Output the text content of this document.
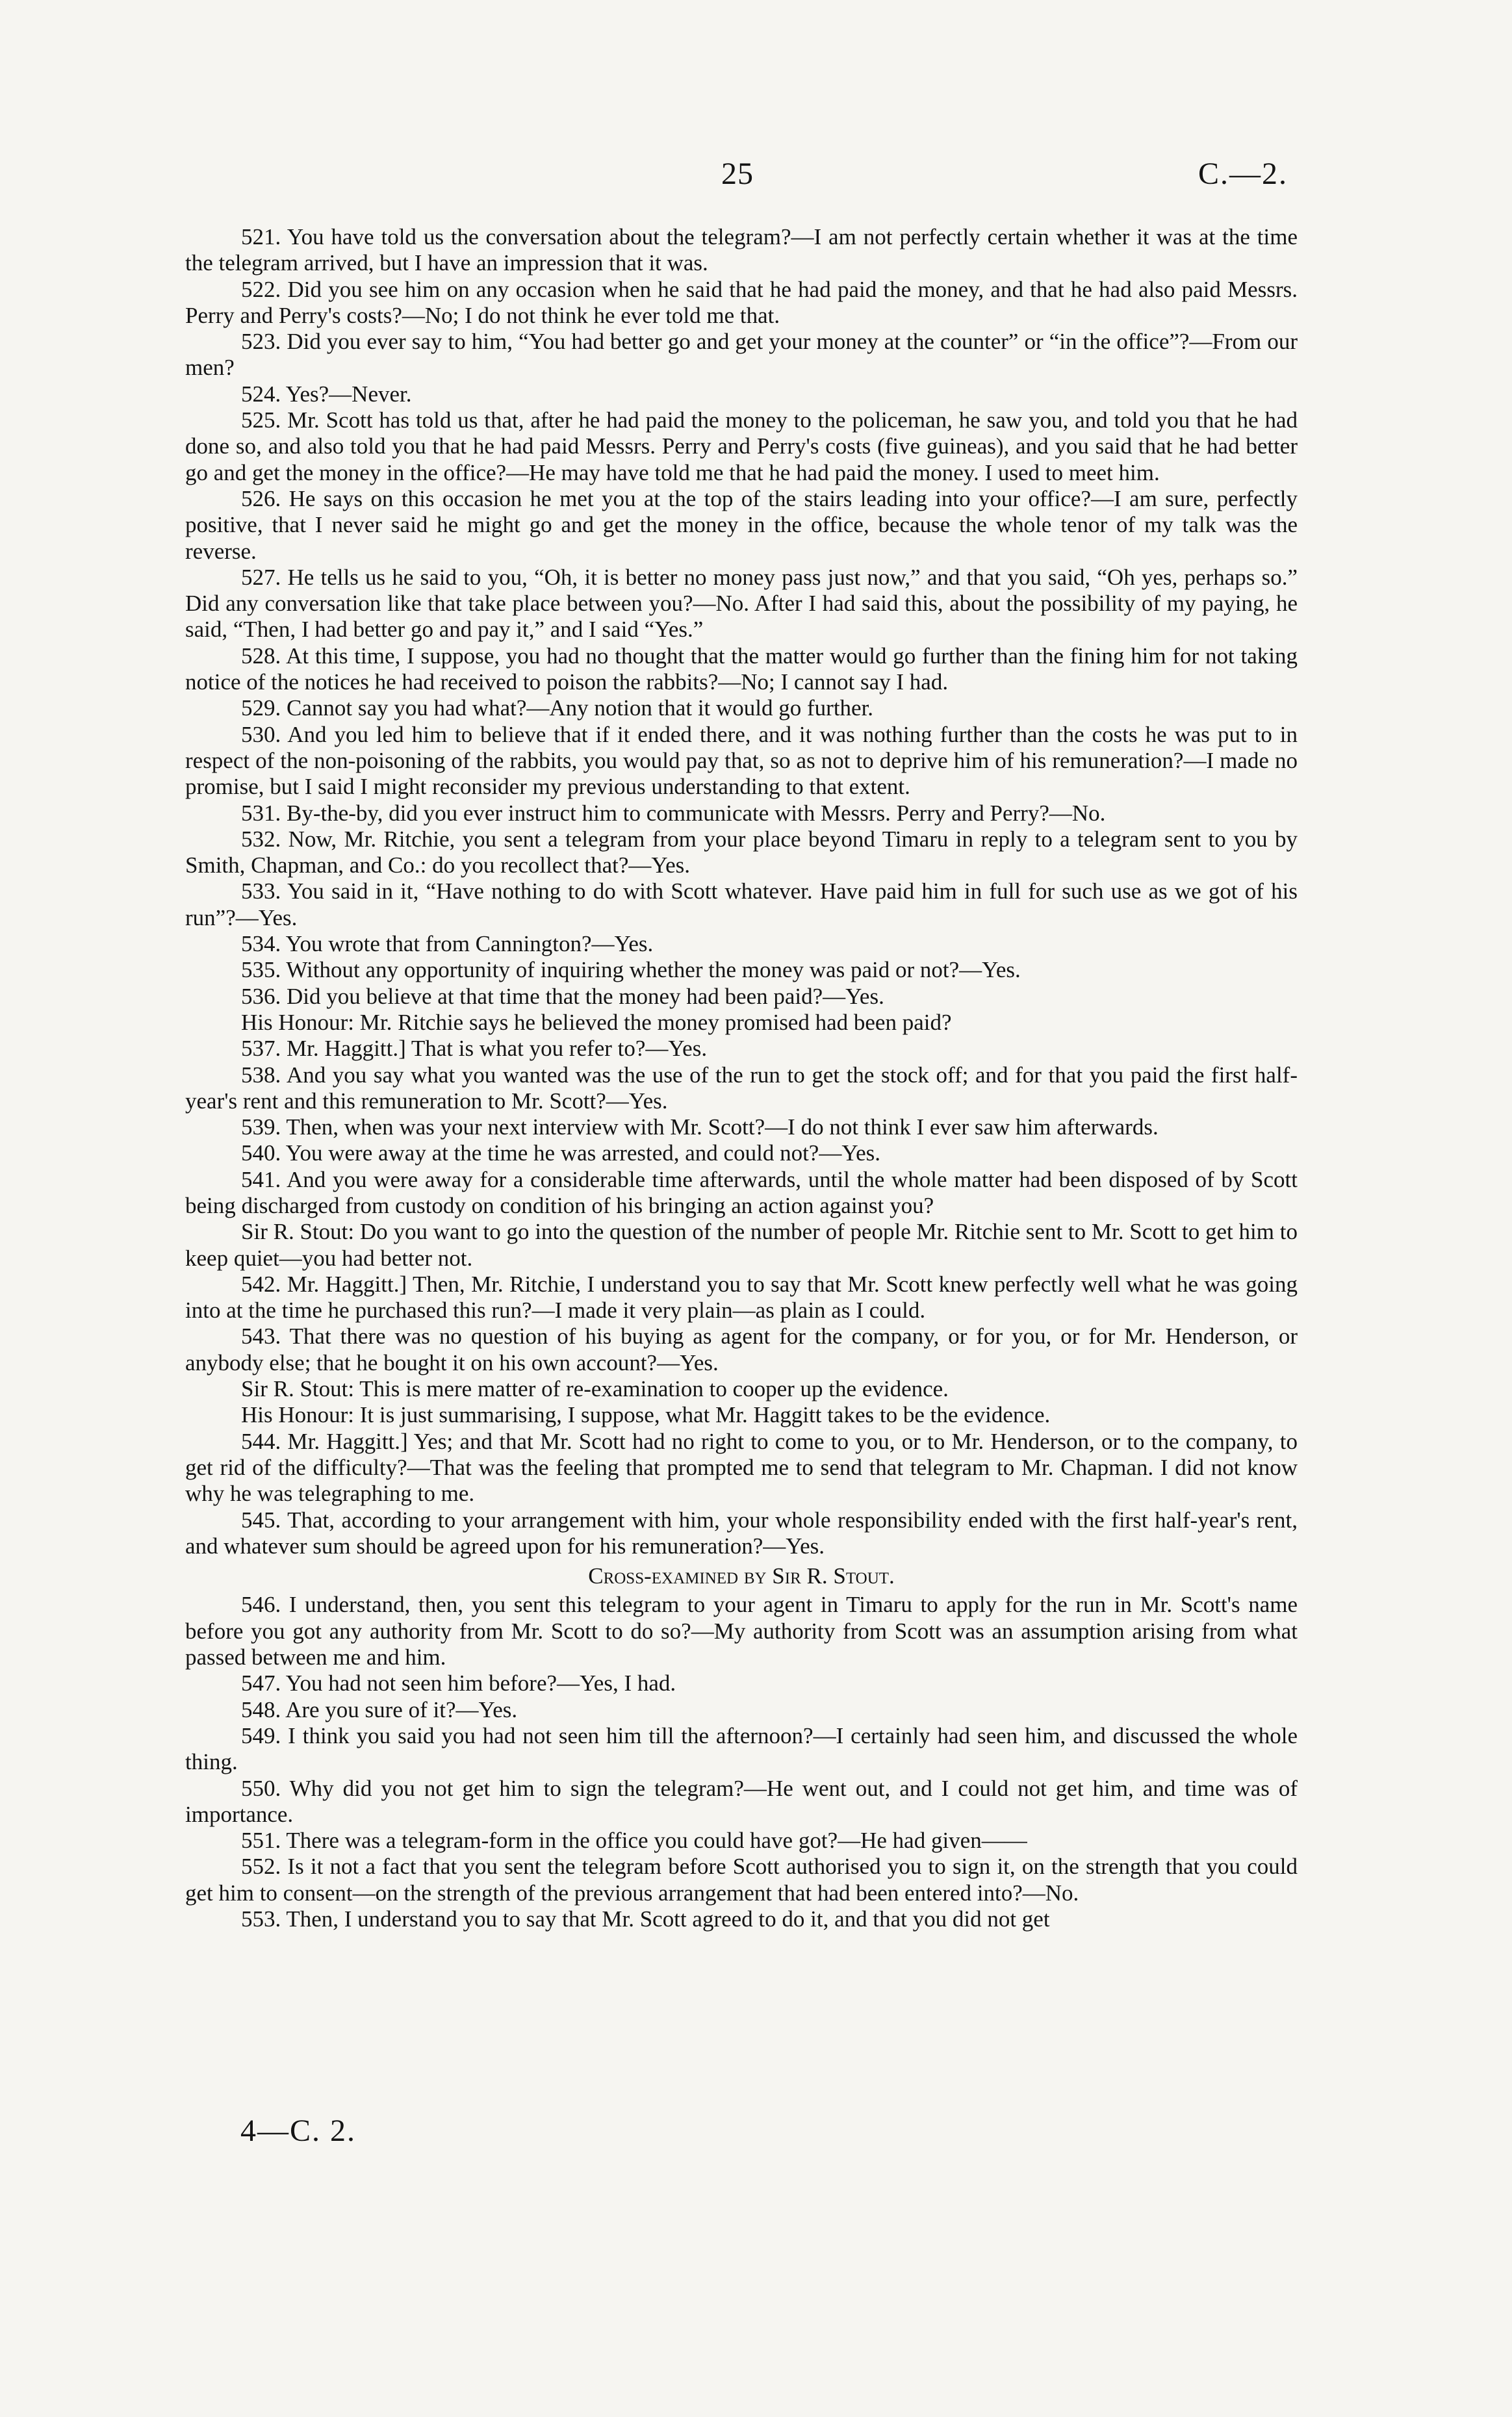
25	C.—2.

521. You have told us the conversation about the telegram?—I am not perfectly certain whether it was at the time the telegram arrived, but I have an impression that it was.

522. Did you see him on any occasion when he said that he had paid the money, and that he had also paid Messrs. Perry and Perry's costs?—No; I do not think he ever told me that.

523. Did you ever say to him, “You had better go and get your money at the counter” or “in the office”?—From our men?

524. Yes?—Never.

525. Mr. Scott has told us that, after he had paid the money to the policeman, he saw you, and told you that he had done so, and also told you that he had paid Messrs. Perry and Perry's costs (five guineas), and you said that he had better go and get the money in the office?—He may have told me that he had paid the money. I used to meet him.

526. He says on this occasion he met you at the top of the stairs leading into your office?—I am sure, perfectly positive, that I never said he might go and get the money in the office, because the whole tenor of my talk was the reverse.

527. He tells us he said to you, “Oh, it is better no money pass just now,” and that you said, “Oh yes, perhaps so.” Did any conversation like that take place between you?—No. After I had said this, about the possibility of my paying, he said, “Then, I had better go and pay it,” and I said “Yes.”

528. At this time, I suppose, you had no thought that the matter would go further than the fining him for not taking notice of the notices he had received to poison the rabbits?—No; I cannot say I had.

529. Cannot say you had what?—Any notion that it would go further.

530. And you led him to believe that if it ended there, and it was nothing further than the costs he was put to in respect of the non-poisoning of the rabbits, you would pay that, so as not to deprive him of his remuneration?—I made no promise, but I said I might reconsider my previous understanding to that extent.

531. By-the-by, did you ever instruct him to communicate with Messrs. Perry and Perry?—No.

532. Now, Mr. Ritchie, you sent a telegram from your place beyond Timaru in reply to a telegram sent to you by Smith, Chapman, and Co.: do you recollect that?—Yes.

533. You said in it, “Have nothing to do with Scott whatever. Have paid him in full for such use as we got of his run”?—Yes.

534. You wrote that from Cannington?—Yes.

535. Without any opportunity of inquiring whether the money was paid or not?—Yes.

536. Did you believe at that time that the money had been paid?—Yes.

His Honour: Mr. Ritchie says he believed the money promised had been paid?

537. Mr. Haggitt.] That is what you refer to?—Yes.

538. And you say what you wanted was the use of the run to get the stock off; and for that you paid the first half-year's rent and this remuneration to Mr. Scott?—Yes.

539. Then, when was your next interview with Mr. Scott?—I do not think I ever saw him afterwards.

540. You were away at the time he was arrested, and could not?—Yes.

541. And you were away for a considerable time afterwards, until the whole matter had been disposed of by Scott being discharged from custody on condition of his bringing an action against you?

Sir R. Stout: Do you want to go into the question of the number of people Mr. Ritchie sent to Mr. Scott to get him to keep quiet—you had better not.

542. Mr. Haggitt.] Then, Mr. Ritchie, I understand you to say that Mr. Scott knew perfectly well what he was going into at the time he purchased this run?—I made it very plain—as plain as I could.

543. That there was no question of his buying as agent for the company, or for you, or for Mr. Henderson, or anybody else; that he bought it on his own account?—Yes.

Sir R. Stout: This is mere matter of re-examination to cooper up the evidence.

His Honour: It is just summarising, I suppose, what Mr. Haggitt takes to be the evidence.

544. Mr. Haggitt.] Yes; and that Mr. Scott had no right to come to you, or to Mr. Henderson, or to the company, to get rid of the difficulty?—That was the feeling that prompted me to send that telegram to Mr. Chapman. I did not know why he was telegraphing to me.

545. That, according to your arrangement with him, your whole responsibility ended with the first half-year's rent, and whatever sum should be agreed upon for his remuneration?—Yes.

Cross-examined by Sir R. Stout.

546. I understand, then, you sent this telegram to your agent in Timaru to apply for the run in Mr. Scott's name before you got any authority from Mr. Scott to do so?—My authority from Scott was an assumption arising from what passed between me and him.

547. You had not seen him before?—Yes, I had.

548. Are you sure of it?—Yes.

549. I think you said you had not seen him till the afternoon?—I certainly had seen him, and discussed the whole thing.

550. Why did you not get him to sign the telegram?—He went out, and I could not get him, and time was of importance.

551. There was a telegram-form in the office you could have got?—He had given——

552. Is it not a fact that you sent the telegram before Scott authorised you to sign it, on the strength that you could get him to consent—on the strength of the previous arrangement that had been entered into?—No.

553. Then, I understand you to say that Mr. Scott agreed to do it, and that you did not get

4—C. 2.
